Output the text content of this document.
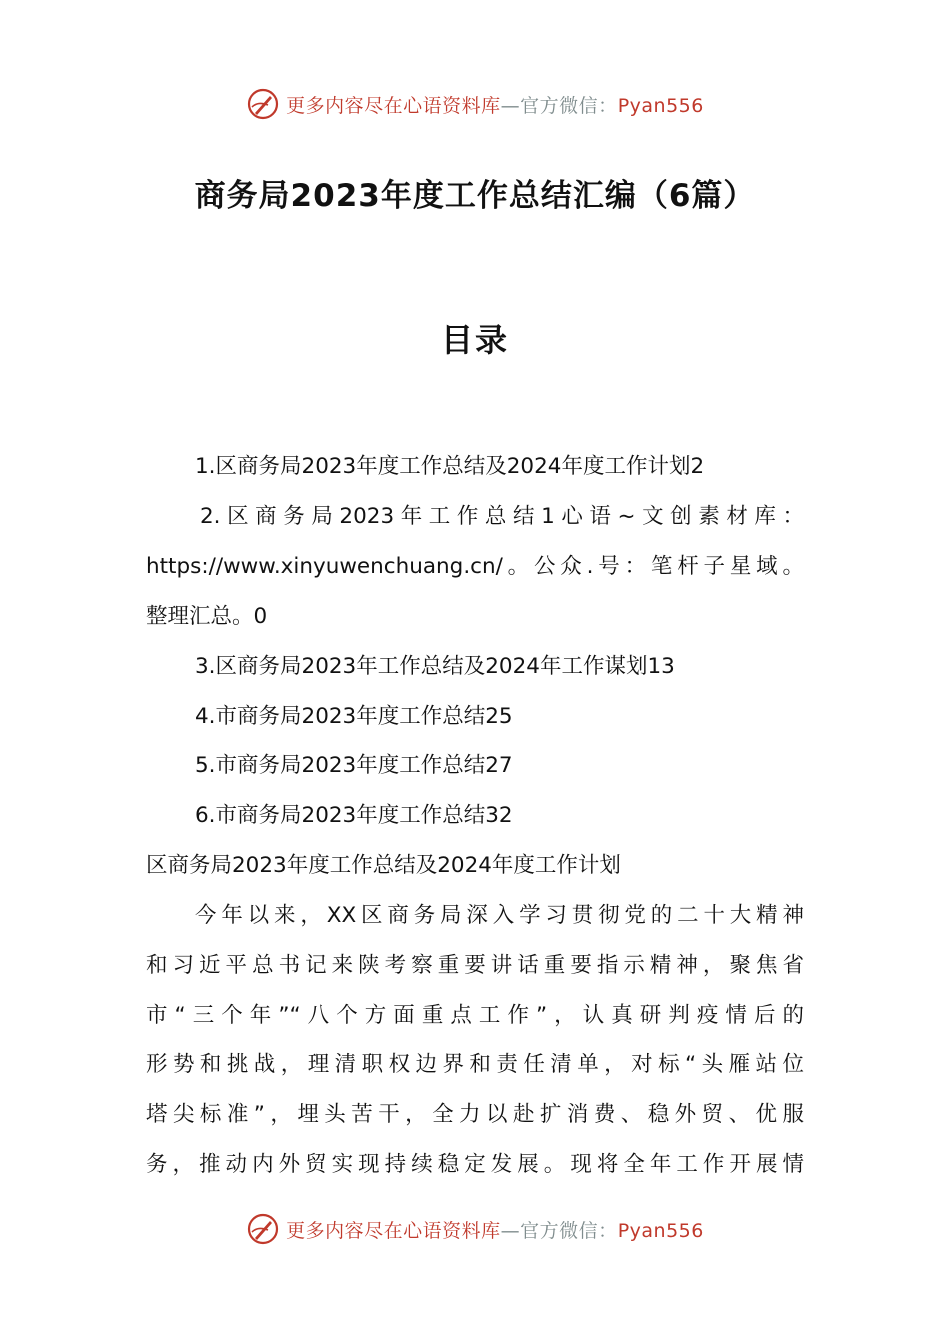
更多内容尽在心语资料库—官方微信：Pyan556
商务局2023年度工作总结汇编（6篇）
目录
1.区商务局2023年度工作总结及2024年度工作计划2
2.区商务局2023年工作总结1心语~文创素材库：
https://www.xinyuwenchuang.cn/。公众.号：笔杆子星域。
整理汇总。0
3.区商务局2023年工作总结及2024年工作谋划13
4.市商务局2023年度工作总结25
5.市商务局2023年度工作总结27
6.市商务局2023年度工作总结32
区商务局2023年度工作总结及2024年度工作计划
今年以来，XX区商务局深入学习贯彻党的二十大精神
和习近平总书记来陕考察重要讲话重要指示精神，聚焦省
市“三个年”“八个方面重点工作”，认真研判疫情后的
形势和挑战，理清职权边界和责任清单，对标“头雁站位
塔尖标准”，埋头苦干，全力以赴扩消费、稳外贸、优服
务，推动内外贸实现持续稳定发展。现将全年工作开展情
更多内容尽在心语资料库—官方微信：Pyan556
